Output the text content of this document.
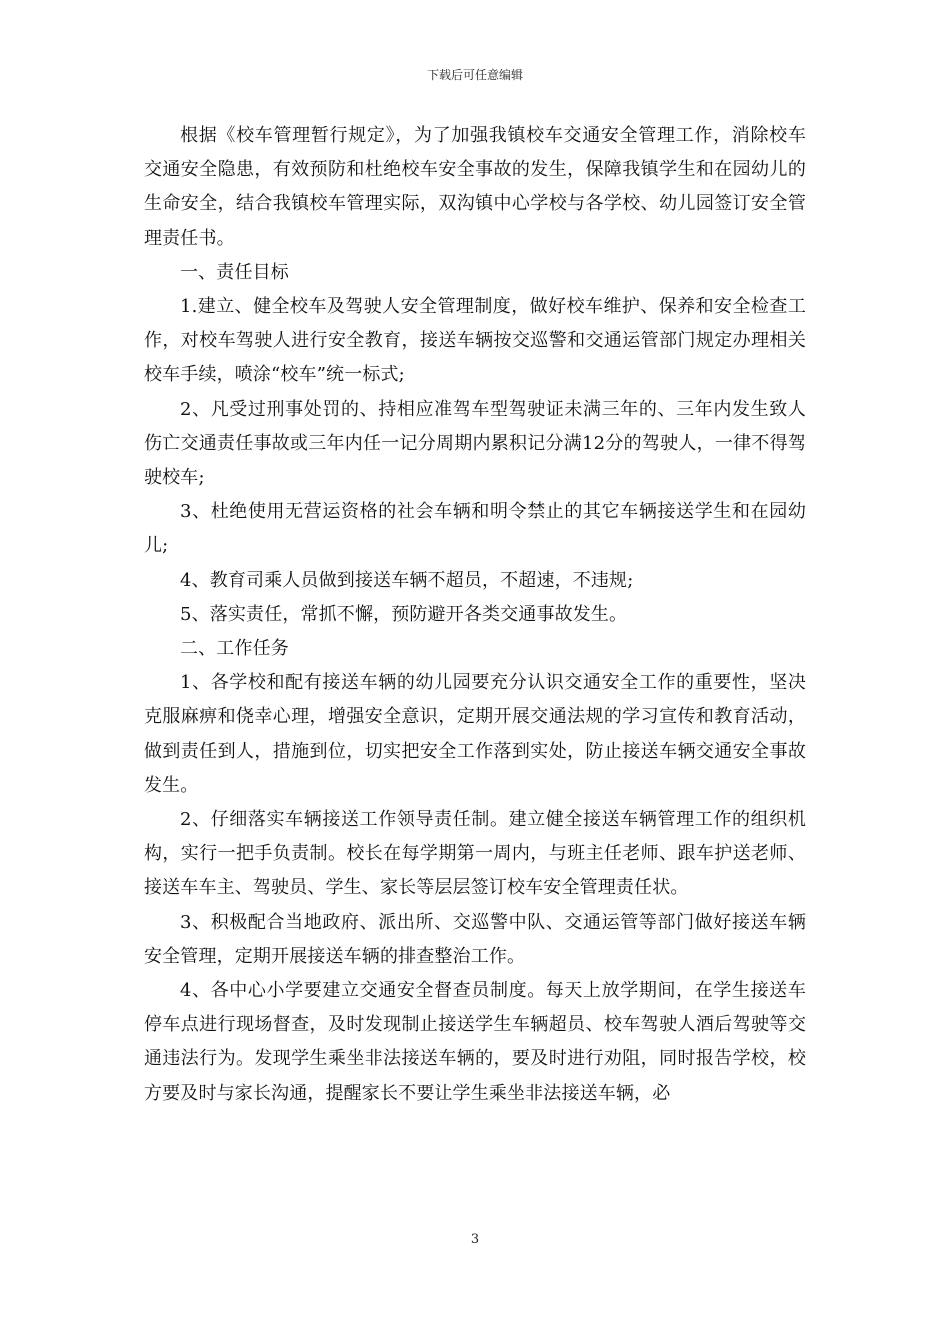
下载后可任意编辑

根据《校车管理暂行规定》，为了加强我镇校车交通安全管理工作，消除校车交通安全隐患，有效预防和杜绝校车安全事故的发生，保障我镇学生和在园幼儿的生命安全，结合我镇校车管理实际，双沟镇中心学校与各学校、幼儿园签订安全管理责任书。

一、责任目标

1.建立、健全校车及驾驶人安全管理制度，做好校车维护、保养和安全检查工作，对校车驾驶人进行安全教育，接送车辆按交巡警和交通运管部门规定办理相关校车手续，喷涂“校车”统一标式;

2、凡受过刑事处罚的、持相应准驾车型驾驶证未满三年的、三年内发生致人伤亡交通责任事故或三年内任一记分周期内累积记分满12分的驾驶人，一律不得驾驶校车;

3、杜绝使用无营运资格的社会车辆和明令禁止的其它车辆接送学生和在园幼儿;

4、教育司乘人员做到接送车辆不超员，不超速，不违规;

5、落实责任，常抓不懈，预防避开各类交通事故发生。

二、工作任务

1、各学校和配有接送车辆的幼儿园要充分认识交通安全工作的重要性，坚决克服麻痹和侥幸心理，增强安全意识，定期开展交通法规的学习宣传和教育活动，做到责任到人，措施到位，切实把安全工作落到实处，防止接送车辆交通安全事故发生。

2、仔细落实车辆接送工作领导责任制。建立健全接送车辆管理工作的组织机构，实行一把手负责制。校长在每学期第一周内，与班主任老师、跟车护送老师、接送车车主、驾驶员、学生、家长等层层签订校车安全管理责任状。

3、积极配合当地政府、派出所、交巡警中队、交通运管等部门做好接送车辆安全管理，定期开展接送车辆的排查整治工作。

4、各中心小学要建立交通安全督查员制度。每天上放学期间，在学生接送车停车点进行现场督查，及时发现制止接送学生车辆超员、校车驾驶人酒后驾驶等交通违法行为。发现学生乘坐非法接送车辆的，要及时进行劝阻，同时报告学校，校方要及时与家长沟通，提醒家长不要让学生乘坐非法接送车辆，必

3
